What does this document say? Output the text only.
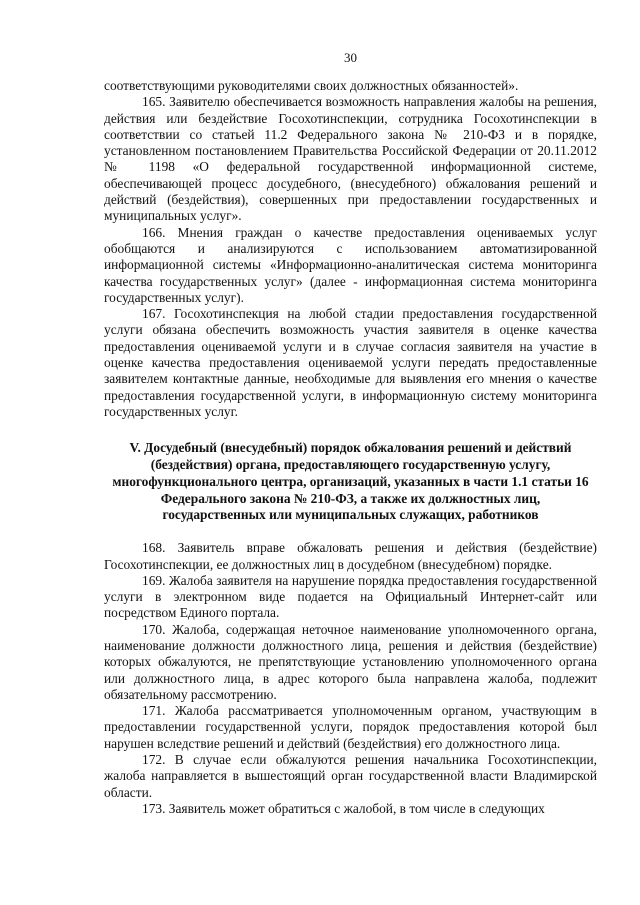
30

соответствующими руководителями своих должностных обязанностей».

165. Заявителю обеспечивается возможность направления жалобы на решения, действия или бездействие Госохотинспекции, сотрудника Госохотинспекции в соответствии со статьей 11.2 Федерального закона № 210-ФЗ и в порядке, установленном постановлением Правительства Российской Федерации от 20.11.2012 № 1198 «О федеральной государственной информационной системе, обеспечивающей процесс досудебного, (внесудебного) обжалования решений и действий (бездействия), совершенных при предоставлении государственных и муниципальных услуг».

166. Мнения граждан о качестве предоставления оцениваемых услуг обобщаются и анализируются с использованием автоматизированной информационной системы «Информационно-аналитическая система мониторинга качества государственных услуг» (далее - информационная система мониторинга государственных услуг).

167. Госохотинспекция на любой стадии предоставления государственной услуги обязана обеспечить возможность участия заявителя в оценке качества предоставления оцениваемой услуги и в случае согласия заявителя на участие в оценке качества предоставления оцениваемой услуги передать предоставленные заявителем контактные данные, необходимые для выявления его мнения о качестве предоставления государственной услуги, в информационную систему мониторинга государственных услуг.

V. Досудебный (внесудебный) порядок обжалования решений и действий (бездействия) органа, предоставляющего государственную услугу, многофункционального центра, организаций, указанных в части 1.1 статьи 16 Федерального закона № 210-ФЗ, а также их должностных лиц, государственных или муниципальных служащих, работников

168. Заявитель вправе обжаловать решения и действия (бездействие) Госохотинспекции, ее должностных лиц в досудебном (внесудебном) порядке.

169. Жалоба заявителя на нарушение порядка предоставления государственной услуги в электронном виде подается на Официальный Интернет-сайт или посредством Единого портала.

170. Жалоба, содержащая неточное наименование уполномоченного органа, наименование должности должностного лица, решения и действия (бездействие) которых обжалуются, не препятствующие установлению уполномоченного органа или должностного лица, в адрес которого была направлена жалоба, подлежит обязательному рассмотрению.

171. Жалоба рассматривается уполномоченным органом, участвующим в предоставлении государственной услуги, порядок предоставления которой был нарушен вследствие решений и действий (бездействия) его должностного лица.

172. В случае если обжалуются решения начальника Госохотинспекции, жалоба направляется в вышестоящий орган государственной власти Владимирской области.

173. Заявитель может обратиться с жалобой, в том числе в следующих
